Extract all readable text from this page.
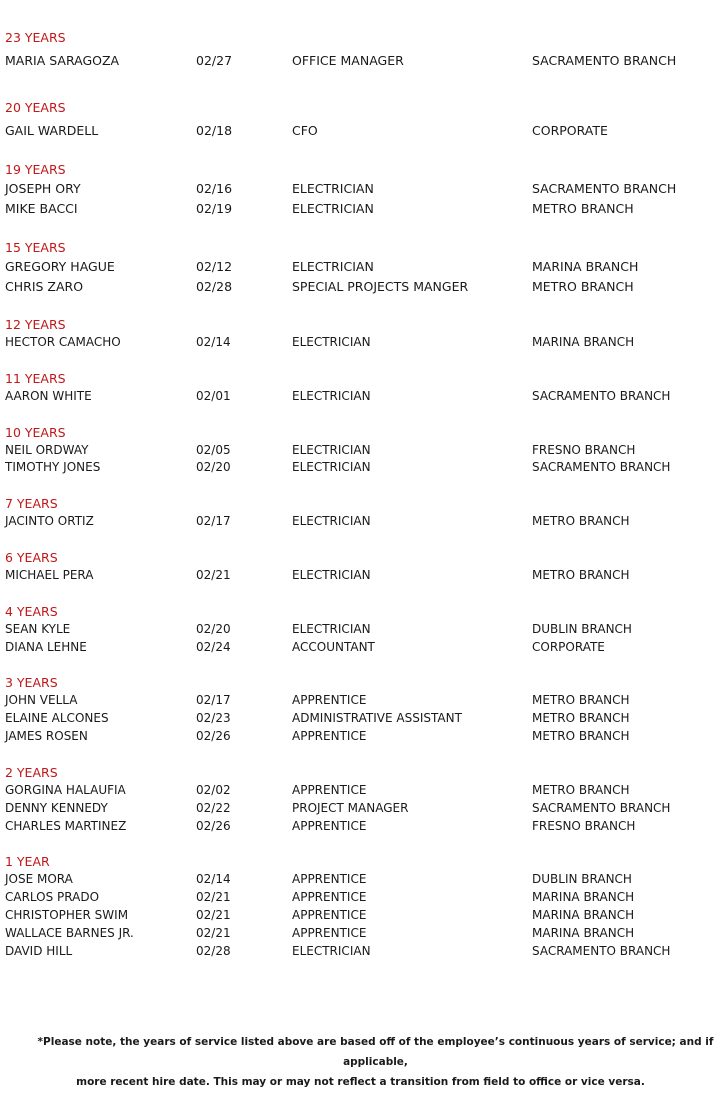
23 YEARS
MARIA SARAGOZA	02/27	OFFICE MANAGER	SACRAMENTO BRANCH
20 YEARS
GAIL WARDELL	02/18	CFO	CORPORATE
19 YEARS
JOSEPH ORY	02/16	ELECTRICIAN	SACRAMENTO BRANCH
MIKE BACCI	02/19	ELECTRICIAN	METRO BRANCH
15 YEARS
GREGORY HAGUE	02/12	ELECTRICIAN	MARINA BRANCH
CHRIS ZARO	02/28	SPECIAL PROJECTS MANGER	METRO BRANCH
12 YEARS
HECTOR CAMACHO	02/14	ELECTRICIAN	MARINA BRANCH
11 YEARS
AARON WHITE	02/01	ELECTRICIAN	SACRAMENTO BRANCH
10 YEARS
NEIL ORDWAY	02/05	ELECTRICIAN	FRESNO BRANCH
TIMOTHY JONES	02/20	ELECTRICIAN	SACRAMENTO BRANCH
7 YEARS
JACINTO ORTIZ	02/17	ELECTRICIAN	METRO BRANCH
6 YEARS
MICHAEL PERA	02/21	ELECTRICIAN	METRO BRANCH
4 YEARS
SEAN KYLE	02/20	ELECTRICIAN	DUBLIN BRANCH
DIANA LEHNE	02/24	ACCOUNTANT	CORPORATE
3 YEARS
JOHN VELLA	02/17	APPRENTICE	METRO BRANCH
ELAINE ALCONES	02/23	ADMINISTRATIVE ASSISTANT	METRO BRANCH
JAMES ROSEN	02/26	APPRENTICE	METRO BRANCH
2 YEARS
GORGINA HALAUFIA	02/02	APPRENTICE	METRO BRANCH
DENNY KENNEDY	02/22	PROJECT MANAGER	SACRAMENTO BRANCH
CHARLES MARTINEZ	02/26	APPRENTICE	FRESNO BRANCH
1 YEAR
JOSE MORA	02/14	APPRENTICE	DUBLIN BRANCH
CARLOS PRADO	02/21	APPRENTICE	MARINA BRANCH
CHRISTOPHER SWIM	02/21	APPRENTICE	MARINA BRANCH
WALLACE BARNES JR.	02/21	APPRENTICE	MARINA BRANCH
DAVID HILL	02/28	ELECTRICIAN	SACRAMENTO BRANCH
*Please note, the years of service listed above are based off of the employee’s continuous years of service; and if applicable,
more recent hire date. This may or may not reflect a transition from field to office or vice versa.
